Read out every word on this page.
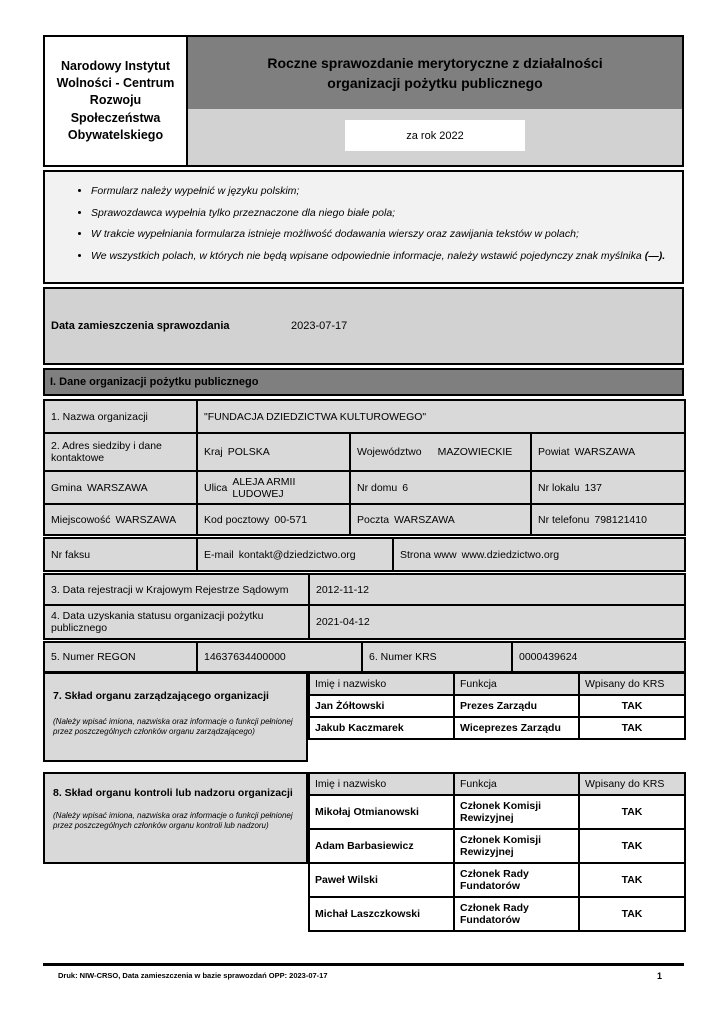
Narodowy Instytut Wolności - Centrum Rozwoju Społeczeństwa Obywatelskiego
Roczne sprawozdanie merytoryczne z działalności organizacji pożytku publicznego
za rok 2022
• Formularz należy wypełnić w języku polskim;
• Sprawozdawca wypełnia tylko przeznaczone dla niego białe pola;
• W trakcie wypełniania formularza istnieje możliwość dodawania wierszy oraz zawijania tekstów w polach;
• We wszystkich polach, w których nie będą wpisane odpowiednie informacje, należy wstawić pojedynczy znak myślnika (—).
Data zamieszczenia sprawozdania	2023-07-17
I. Dane organizacji pożytku publicznego
1. Nazwa organizacji	"FUNDACJA DZIEDZICTWA KULTUROWEGO"		
2. Adres siedziby i dane kontaktowe	Kraj POLSKA	Województwo MAZOWIECKIE	Powiat WARSZAWA

Gmina WARSZAWA	Ulica ALEJA ARMII LUDOWEJ	Nr domu 6	Nr lokalu 137

Miejscowość WARSZAWA	Kod pocztowy 00-571	Poczta WARSZAWA	Nr telefonu 798121410
Nr faksu	E-mail kontakt@dziedzictwo.org	Strona www www.dziedzictwo.org
3. Data rejestracji w Krajowym Rejestrze Sądowym	2012-11-12
4. Data uzyskania statusu organizacji pożytku publicznego	2021-04-12
5. Numer REGON	14637634400000	6. Numer KRS	0000439624
7. Skład organu zarządzającego organizacji
(Należy wpisać imiona, nazwiska oraz informacje o funkcji pełnionej przez poszczególnych członków organu zarządzającego)
Imię i nazwisko	Funkcja	Wpisany do KRS
Jan Żółtowski	Prezes Zarządu	TAK
Jakub Kaczmarek	Wiceprezes Zarządu	TAK
8. Skład organu kontroli lub nadzoru organizacji
(Należy wpisać imiona, nazwiska oraz informacje o funkcji pełnionej przez poszczególnych członków organu kontroli lub nadzoru)
Imię i nazwisko	Funkcja	Wpisany do KRS
Mikołaj Otmianowski	Członek Komisji Rewizyjnej	TAK
Adam Barbasiewicz	Członek Komisji Rewizyjnej	TAK
Paweł Wilski	Członek Rady Fundatorów	TAK
Michał Laszczkowski	Członek Rady Fundatorów	TAK
Druk: NIW-CRSO, Data zamieszczenia w bazie sprawozdań OPP: 2023-07-17	1
